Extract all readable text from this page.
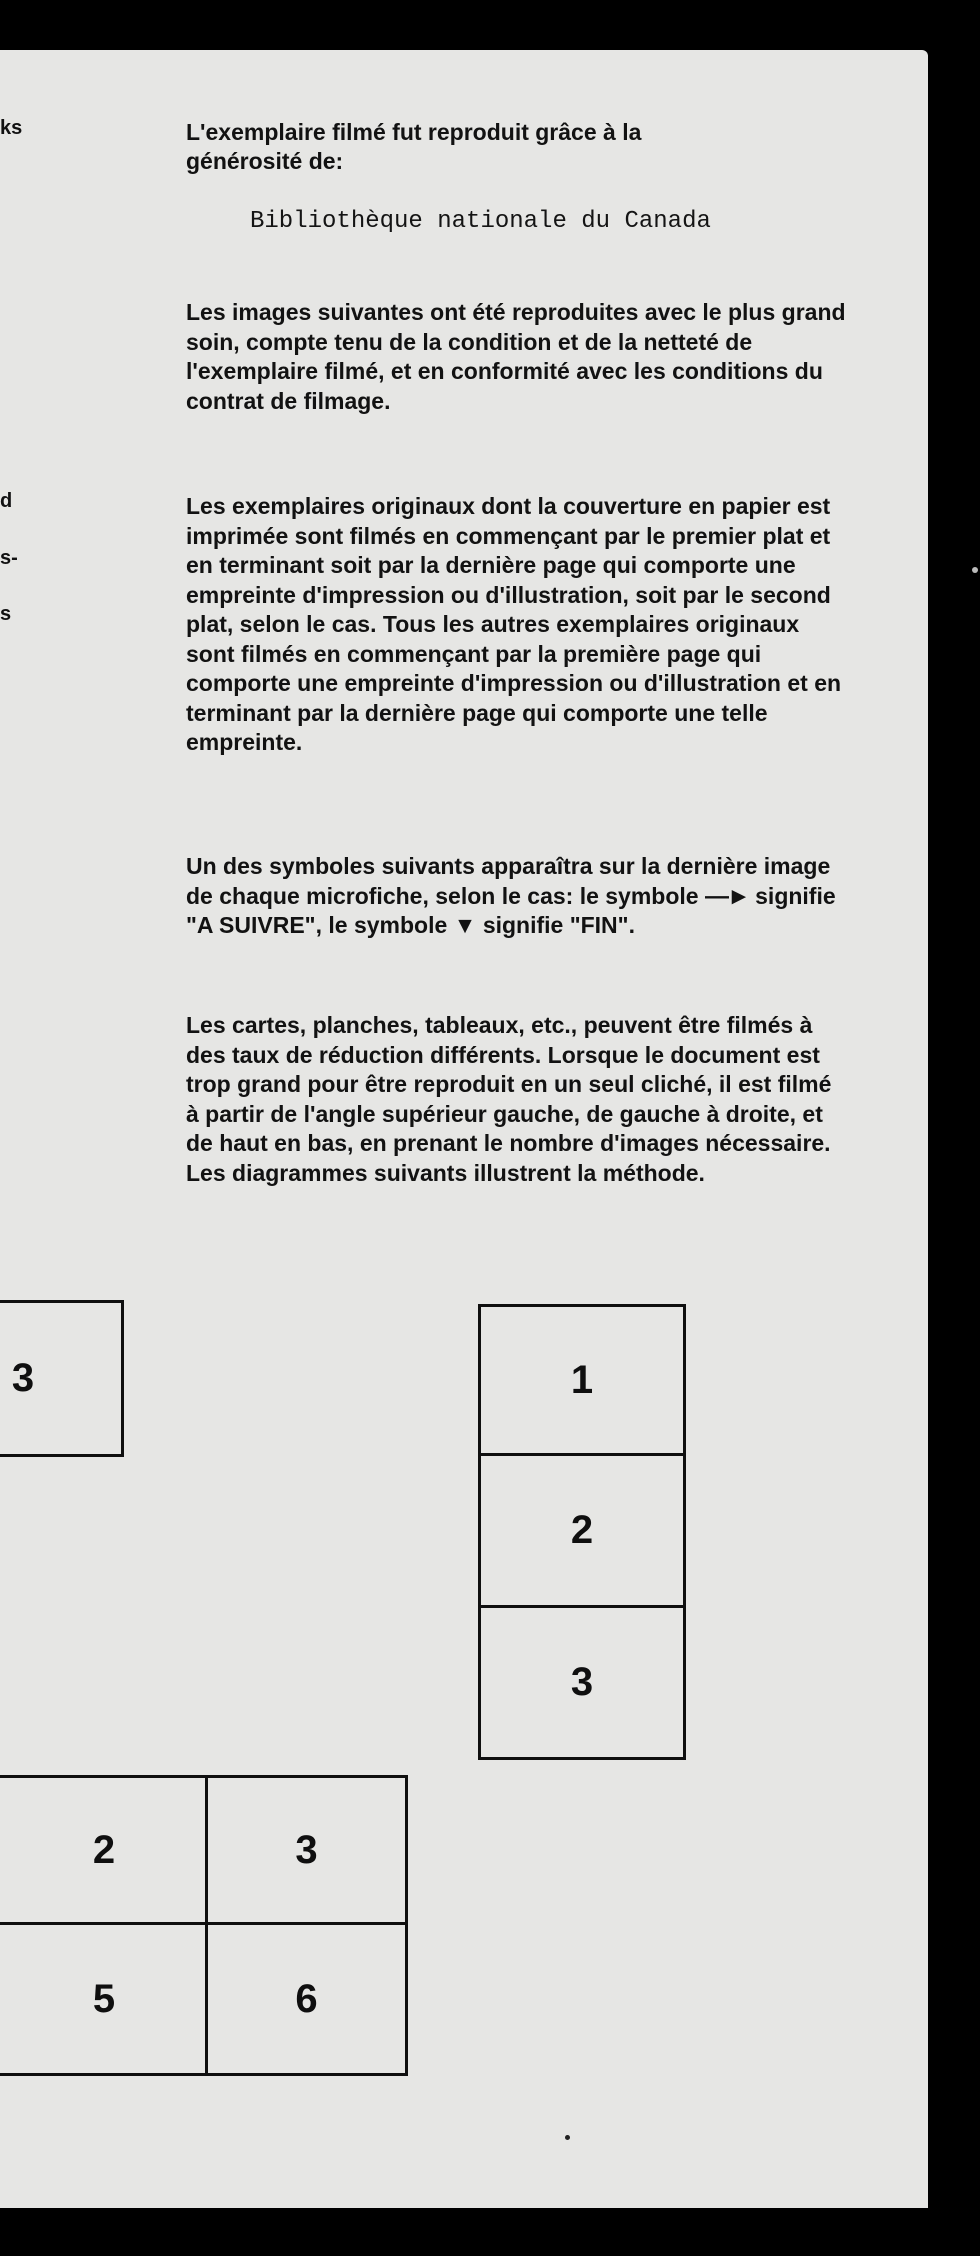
ks
d
s-
s

L'exemplaire filmé fut reproduit grâce à la

générosité de:

Bibliothèque nationale du Canada
Les images suivantes ont été reproduites avec le plus grand soin, compte tenu de la condition et de la netteté de l'exemplaire filmé, et en conformité avec les conditions du contrat de filmage.
Les exemplaires originaux dont la couverture en papier est imprimée sont filmés en commençant par le premier plat et en terminant soit par la dernière page qui comporte une empreinte d'impression ou d'illustration, soit par le second plat, selon le cas. Tous les autres exemplaires originaux sont filmés en commençant par la première page qui comporte une empreinte d'impression ou d'illustration et en terminant par la dernière page qui comporte une telle empreinte.
Un des symboles suivants apparaîtra sur la dernière image de chaque microfiche, selon le cas: le symbole —► signifie "A SUIVRE", le symbole ▼ signifie "FIN".
Les cartes, planches, tableaux, etc., peuvent être filmés à des taux de réduction différents. Lorsque le document est trop grand pour être reproduit en un seul cliché, il est filmé à partir de l'angle supérieur gauche, de gauche à droite, et de haut en bas, en prenant le nombre d'images nécessaire. Les diagrammes suivants illustrent la méthode.
3	1
2
3
2	3
5	6
